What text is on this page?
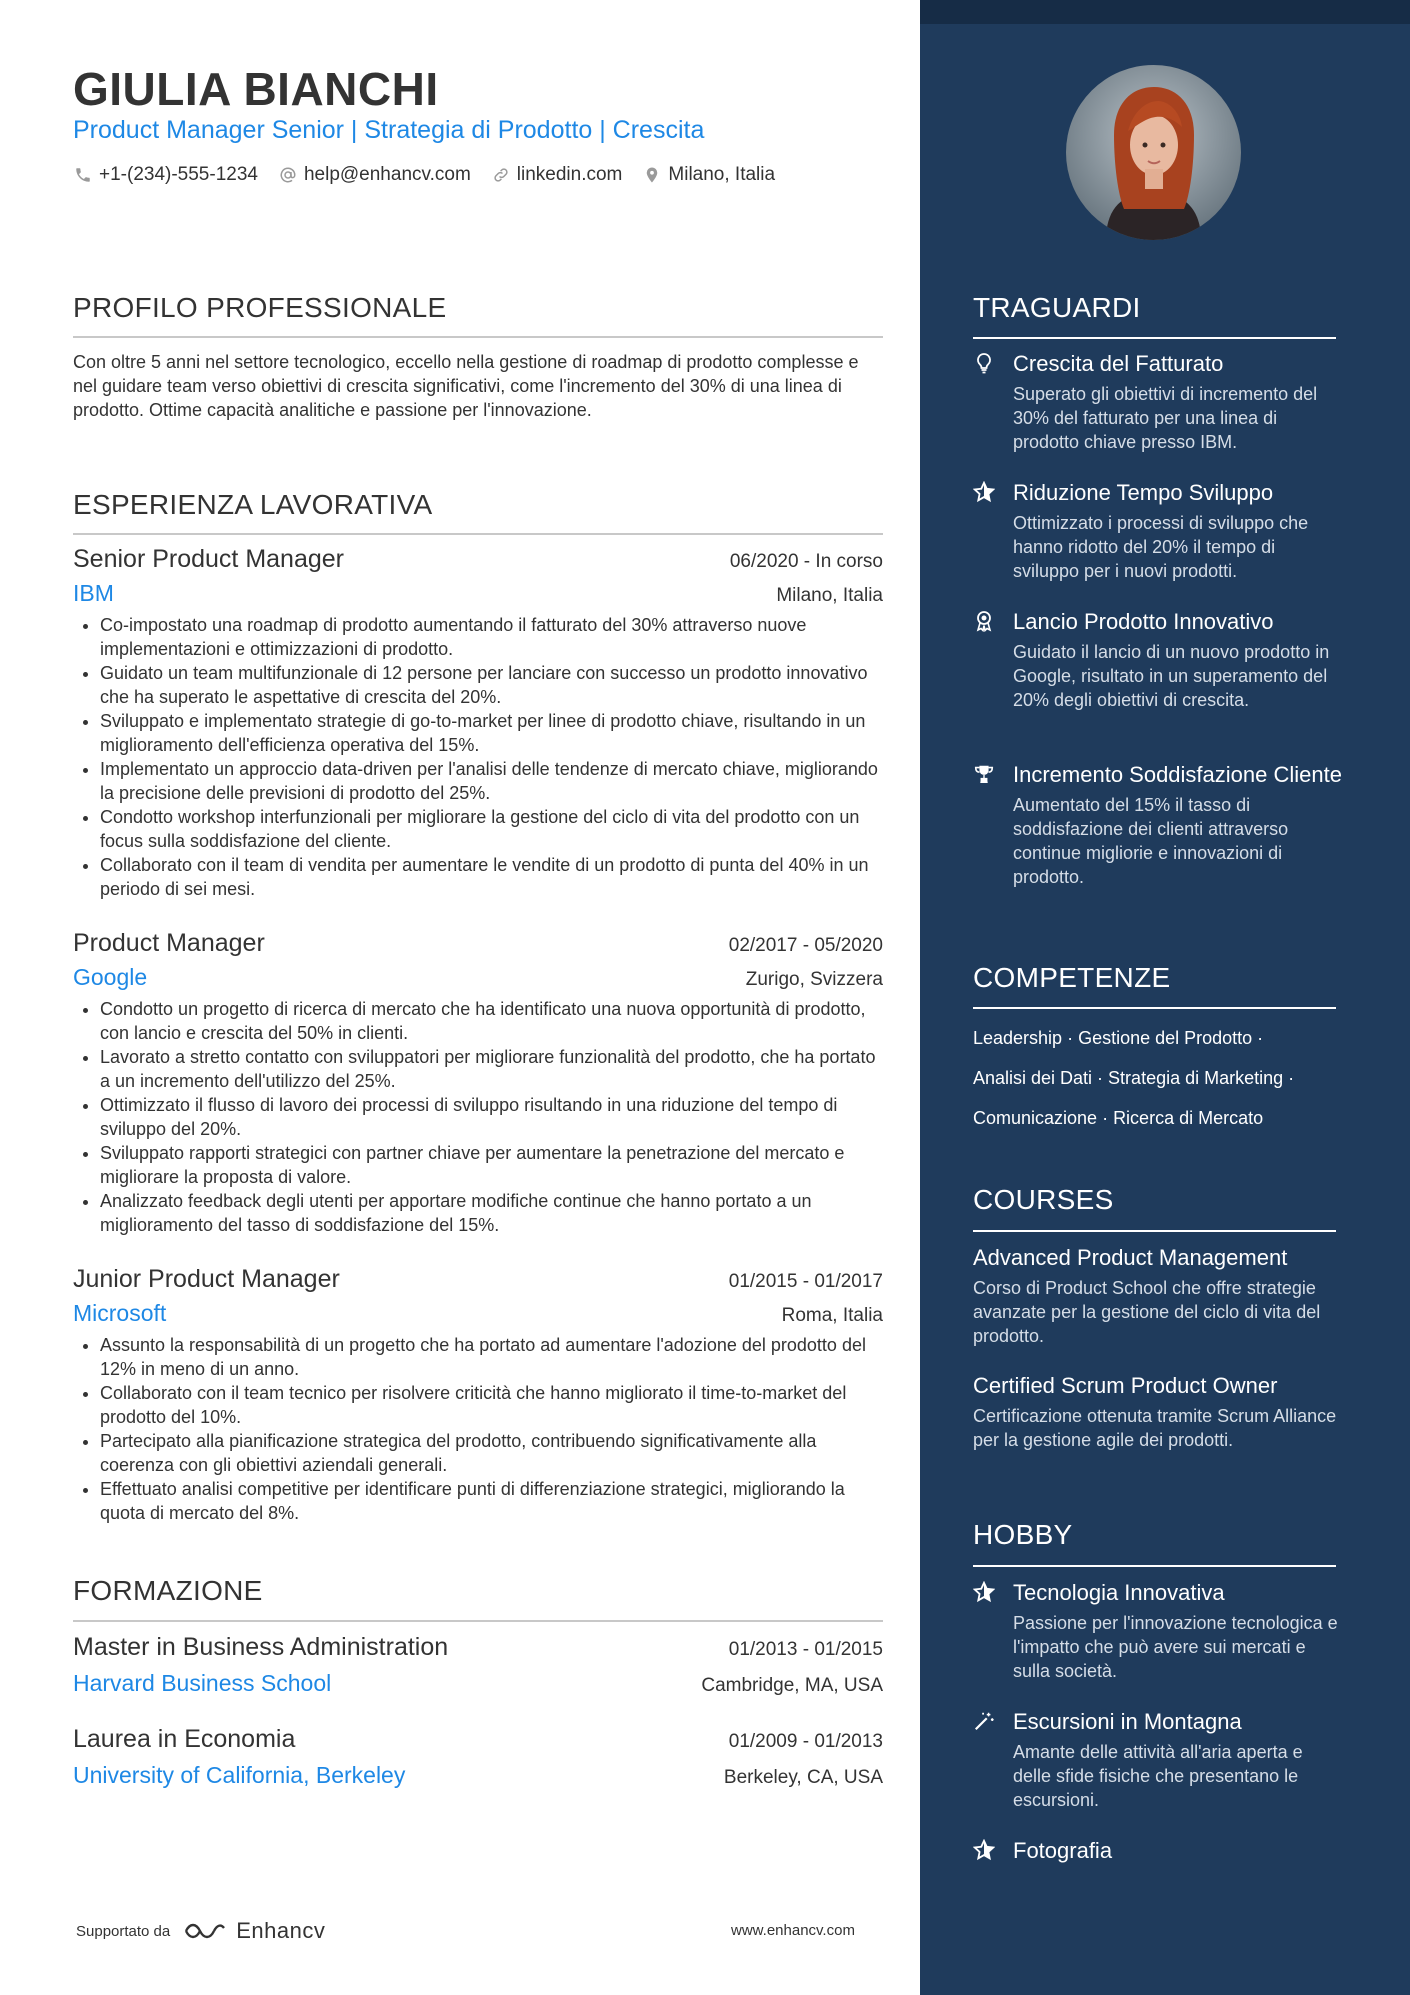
GIULIA BIANCHI
Product Manager Senior | Strategia di Prodotto | Crescita
+1-(234)-555-1234 help@enhancv.com linkedin.com Milano, Italia
PROFILO PROFESSIONALE
Con oltre 5 anni nel settore tecnologico, eccello nella gestione di roadmap di prodotto complesse e nel guidare team verso obiettivi di crescita significativi, come l'incremento del 30% di una linea di prodotto. Ottime capacità analitiche e passione per l'innovazione.
ESPERIENZA LAVORATIVA
Senior Product Manager	06/2020 - In corso
IBM	Milano, Italia
• Co-impostato una roadmap di prodotto aumentando il fatturato del 30% attraverso nuove implementazioni e ottimizzazioni di prodotto.
• Guidato un team multifunzionale di 12 persone per lanciare con successo un prodotto innovativo che ha superato le aspettative di crescita del 20%.
• Sviluppato e implementato strategie di go-to-market per linee di prodotto chiave, risultando in un miglioramento dell'efficienza operativa del 15%.
• Implementato un approccio data-driven per l'analisi delle tendenze di mercato chiave, migliorando la precisione delle previsioni di prodotto del 25%.
• Condotto workshop interfunzionali per migliorare la gestione del ciclo di vita del prodotto con un focus sulla soddisfazione del cliente.
• Collaborato con il team di vendita per aumentare le vendite di un prodotto di punta del 40% in un periodo di sei mesi.
Product Manager	02/2017 - 05/2020
Google	Zurigo, Svizzera
• Condotto un progetto di ricerca di mercato che ha identificato una nuova opportunità di prodotto, con lancio e crescita del 50% in clienti.
• Lavorato a stretto contatto con sviluppatori per migliorare funzionalità del prodotto, che ha portato a un incremento dell'utilizzo del 25%.
• Ottimizzato il flusso di lavoro dei processi di sviluppo risultando in una riduzione del tempo di sviluppo del 20%.
• Sviluppato rapporti strategici con partner chiave per aumentare la penetrazione del mercato e migliorare la proposta di valore.
• Analizzato feedback degli utenti per apportare modifiche continue che hanno portato a un miglioramento del tasso di soddisfazione del 15%.
Junior Product Manager	01/2015 - 01/2017
Microsoft	Roma, Italia
• Assunto la responsabilità di un progetto che ha portato ad aumentare l'adozione del prodotto del 12% in meno di un anno.
• Collaborato con il team tecnico per risolvere criticità che hanno migliorato il time-to-market del prodotto del 10%.
• Partecipato alla pianificazione strategica del prodotto, contribuendo significativamente alla coerenza con gli obiettivi aziendali generali.
• Effettuato analisi competitive per identificare punti di differenziazione strategici, migliorando la quota di mercato del 8%.
FORMAZIONE
Master in Business Administration	01/2013 - 01/2015
Harvard Business School	Cambridge, MA, USA
Laurea in Economia	01/2009 - 01/2013
University of California, Berkeley	Berkeley, CA, USA
Supportato da	Enhancv	www.enhancv.com
TRAGUARDI
Crescita del Fatturato
Superato gli obiettivi di incremento del 30% del fatturato per una linea di prodotto chiave presso IBM.
Riduzione Tempo Sviluppo
Ottimizzato i processi di sviluppo che hanno ridotto del 20% il tempo di sviluppo per i nuovi prodotti.
Lancio Prodotto Innovativo
Guidato il lancio di un nuovo prodotto in Google, risultato in un superamento del 20% degli obiettivi di crescita.
Incremento Soddisfazione Cliente
Aumentato del 15% il tasso di soddisfazione dei clienti attraverso continue migliorie e innovazioni di prodotto.
COMPETENZE
Leadership · Gestione del Prodotto ·
Analisi dei Dati · Strategia di Marketing ·
Comunicazione · Ricerca di Mercato
COURSES
Advanced Product Management
Corso di Product School che offre strategie avanzate per la gestione del ciclo di vita del prodotto.
Certified Scrum Product Owner
Certificazione ottenuta tramite Scrum Alliance per la gestione agile dei prodotti.
HOBBY
Tecnologia Innovativa
Passione per l'innovazione tecnologica e l'impatto che può avere sui mercati e sulla società.
Escursioni in Montagna
Amante delle attività all'aria aperta e delle sfide fisiche che presentano le escursioni.
Fotografia
